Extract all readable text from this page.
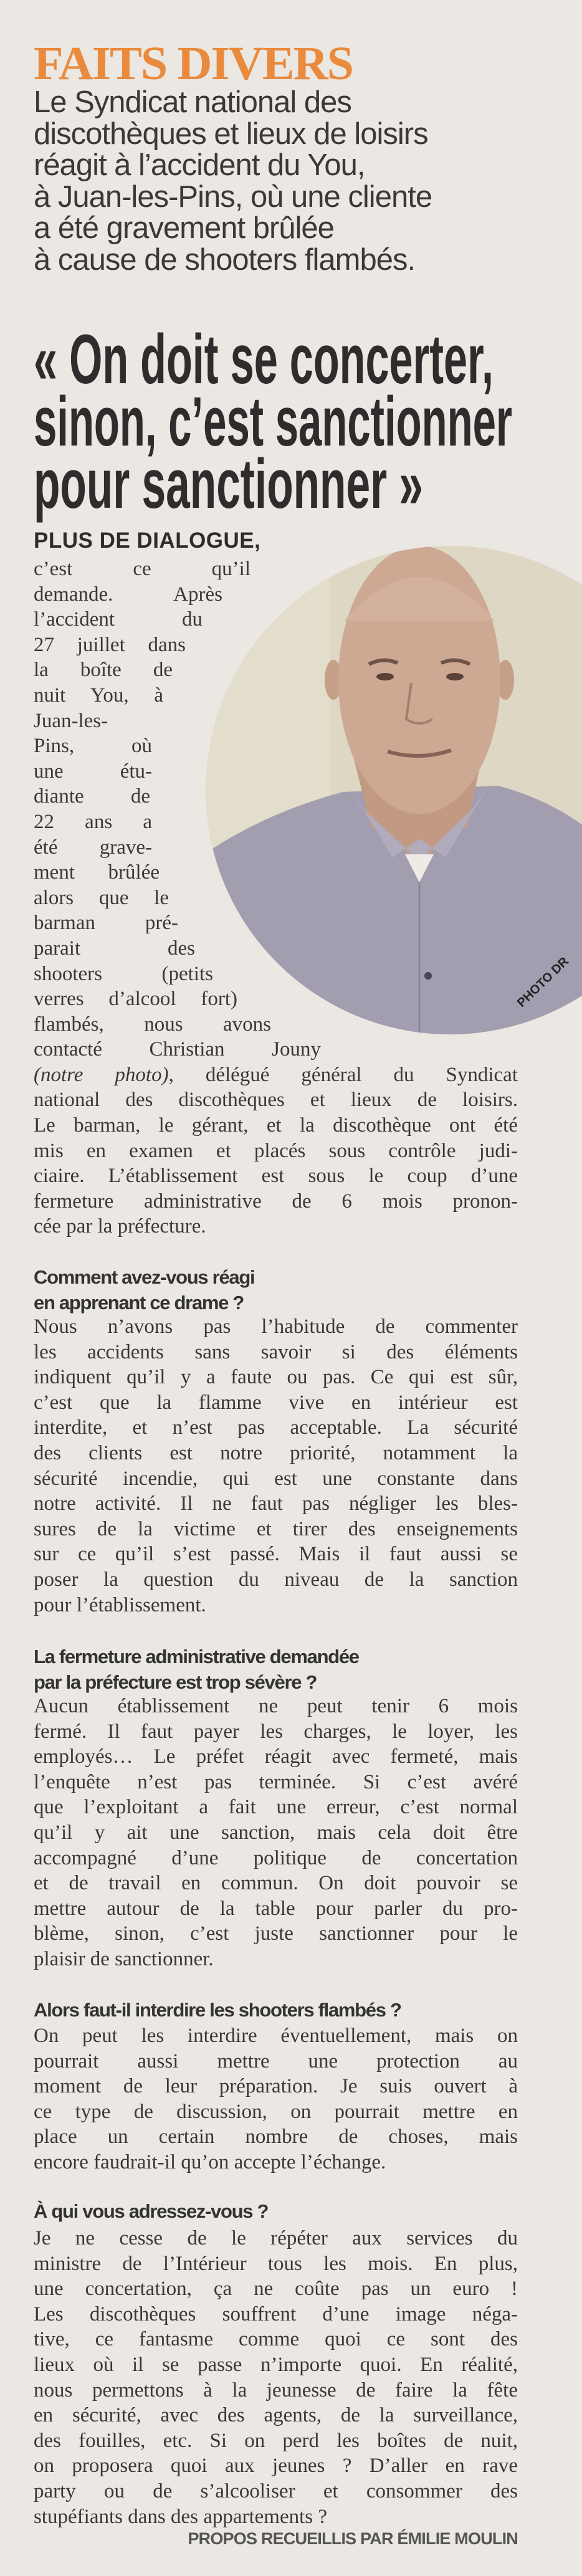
FAITS DIVERS
Le Syndicat national des
discothèques et lieux de loisirs
réagit à l’accident du You,
à Juan-les-Pins, où une cliente
a été gravement brûlée
à cause de shooters flambés.
« On doit se concerter,
sinon, c’est sanctionner
pour sanctionner »
PHOTO DR
PLUS DE DIALOGUE,
c’est ce qu’il
demande. Après
l’accident du
27 juillet dans
la boîte de
nuit You, à
Juan-les-
Pins, où
une étu-
diante de
22 ans a
été grave-
ment brûlée
alors que le
barman pré-
parait des
shooters (petits
verres d’alcool fort)
flambés, nous avons
contacté Christian Jouny
(notre photo), délégué général du Syndicat
national des discothèques et lieux de loisirs.
Le barman, le gérant, et la discothèque ont été
mis en examen et placés sous contrôle judi-
ciaire. L’établissement est sous le coup d’une
fermeture administrative de 6 mois pronon-
cée par la préfecture.
Comment avez-vous réagi
en apprenant ce drame ?
Nous n’avons pas l’habitude de commenter
les accidents sans savoir si des éléments
indiquent qu’il y a faute ou pas. Ce qui est sûr,
c’est que la flamme vive en intérieur est
interdite, et n’est pas acceptable. La sécurité
des clients est notre priorité, notamment la
sécurité incendie, qui est une constante dans
notre activité. Il ne faut pas négliger les bles-
sures de la victime et tirer des enseignements
sur ce qu’il s’est passé. Mais il faut aussi se
poser la question du niveau de la sanction
pour l’établissement.
La fermeture administrative demandée
par la préfecture est trop sévère ?
Aucun établissement ne peut tenir 6 mois
fermé. Il faut payer les charges, le loyer, les
employés… Le préfet réagit avec fermeté, mais
l’enquête n’est pas terminée. Si c’est avéré
que l’exploitant a fait une erreur, c’est normal
qu’il y ait une sanction, mais cela doit être
accompagné d’une politique de concertation
et de travail en commun. On doit pouvoir se
mettre autour de la table pour parler du pro-
blème, sinon, c’est juste sanctionner pour le
plaisir de sanctionner.
Alors faut-il interdire les shooters flambés ?
On peut les interdire éventuellement, mais on
pourrait aussi mettre une protection au
moment de leur préparation. Je suis ouvert à
ce type de discussion, on pourrait mettre en
place un certain nombre de choses, mais
encore faudrait-il qu’on accepte l’échange.
À qui vous adressez-vous ?
Je ne cesse de le répéter aux services du
ministre de l’Intérieur tous les mois. En plus,
une concertation, ça ne coûte pas un euro !
Les discothèques souffrent d’une image néga-
tive, ce fantasme comme quoi ce sont des
lieux où il se passe n’importe quoi. En réalité,
nous permettons à la jeunesse de faire la fête
en sécurité, avec des agents, de la surveillance,
des fouilles, etc. Si on perd les boîtes de nuit,
on proposera quoi aux jeunes ? D’aller en rave
party ou de s’alcooliser et consommer des
stupéfiants dans des appartements ?
PROPOS RECUEILLIS PAR ÉMILIE MOULIN
